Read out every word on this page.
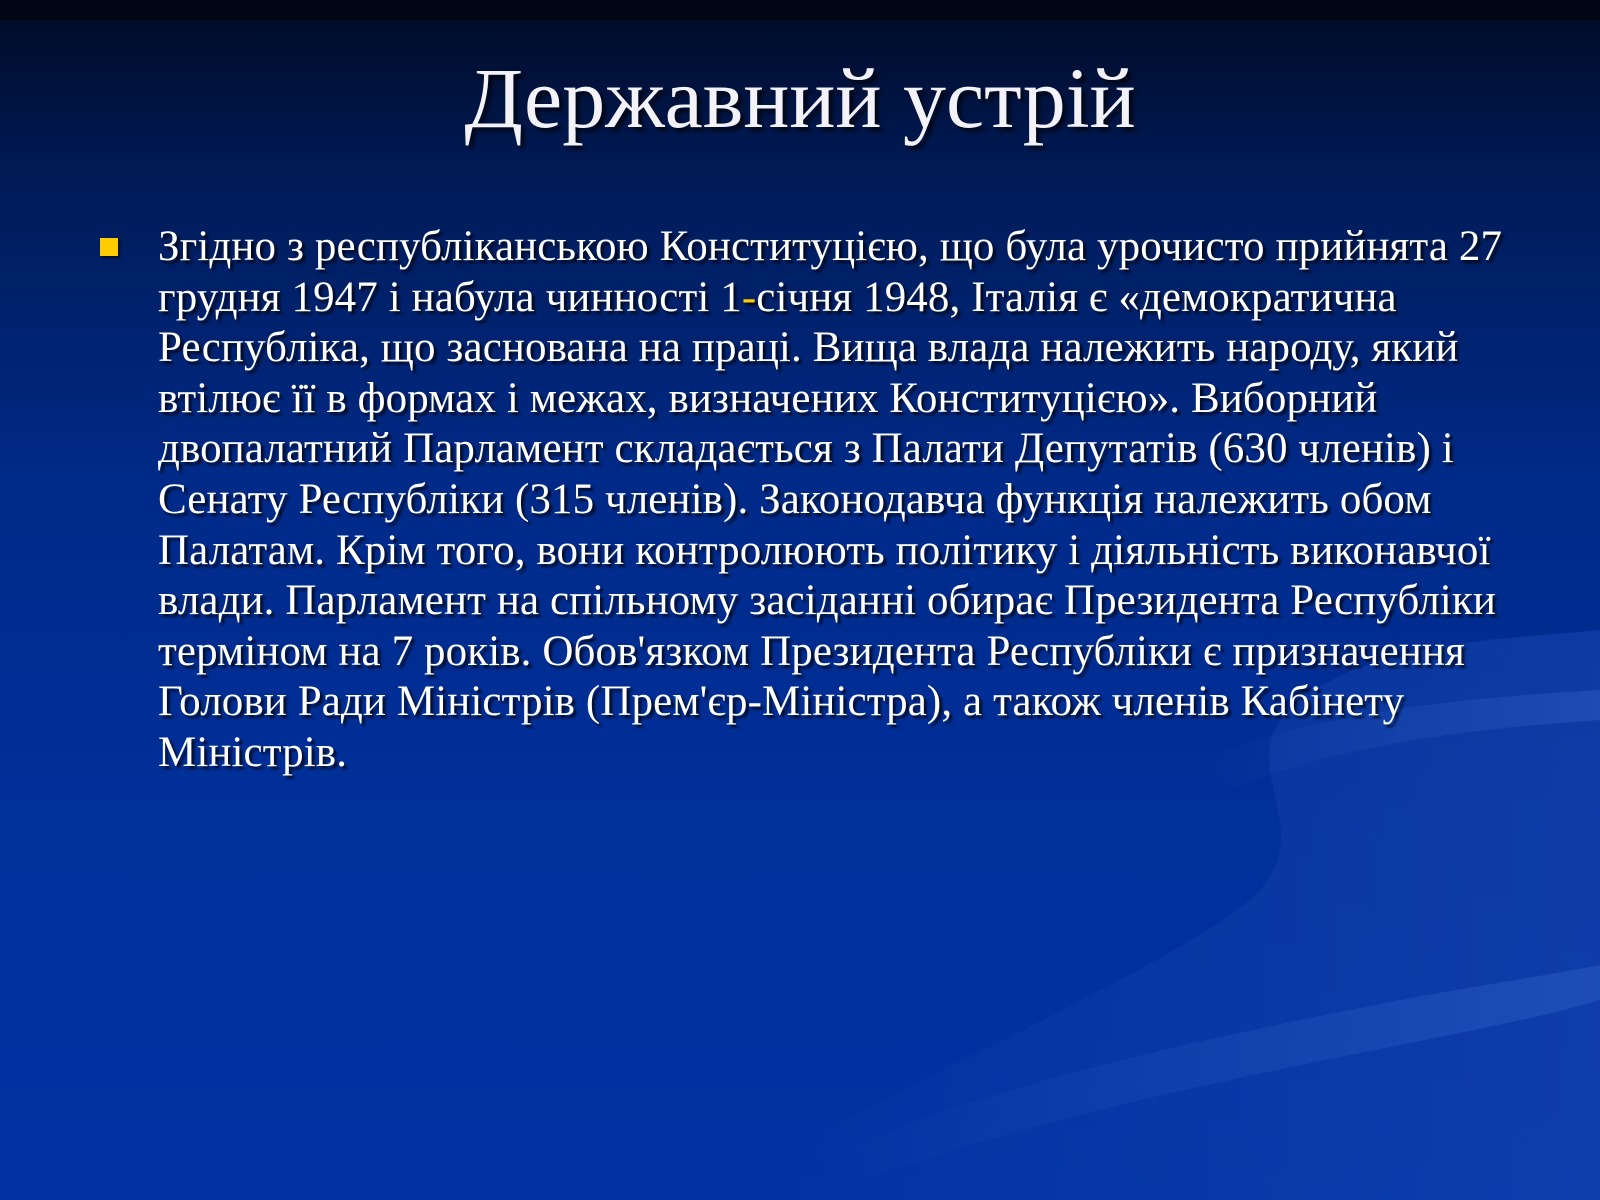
Державний устрій
Згідно з республіканською Конституцією, що була урочисто прийнята 27 грудня 1947 і набула чинності 1-січня 1948, Італія є «демократична Республіка, що заснована на праці. Вища влада належить народу, який втілює її в формах і межах, визначених Конституцією». Виборний двопалатний Парламент складається з Палати Депутатів (630 членів) і Сенату Республіки (315 членів). Законодавча функція належить обом Палатам. Крім того, вони контролюють політику і діяльність виконавчої влади. Парламент на спільному засіданні обирає Президента Республіки терміном на 7 років. Обов'язком Президента Республіки є призначення Голови Ради Міністрів (Прем'єр-Міністра), а також членів Кабінету Міністрів.
